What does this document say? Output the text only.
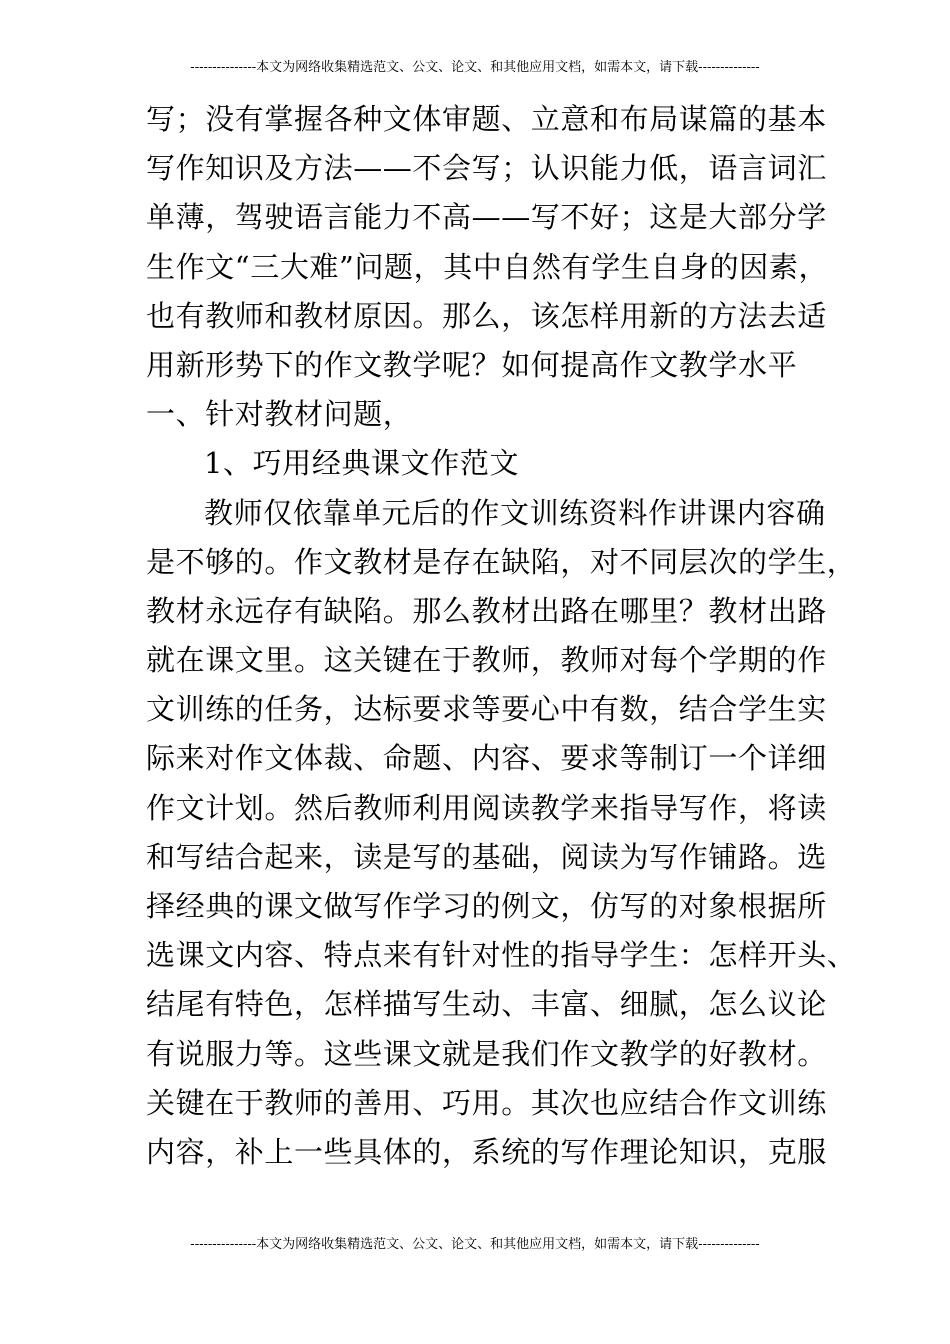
---------------本文为网络收集精选范文、公文、论文、和其他应用文档，如需本文，请下载--------------
写；没有掌握各种文体审题、立意和布局谋篇的基本
写作知识及方法——不会写；认识能力低，语言词汇
单薄，驾驶语言能力不高——写不好；这是大部分学
生作文“三大难”问题，其中自然有学生自身的因素，
也有教师和教材原因。那么，该怎样用新的方法去适
用新形势下的作文教学呢？如何提高作文教学水平
一、针对教材问题，
1、巧用经典课文作范文
教师仅依靠单元后的作文训练资料作讲课内容确
是不够的。作文教材是存在缺陷，对不同层次的学生，
教材永远存有缺陷。那么教材出路在哪里？教材出路
就在课文里。这关键在于教师，教师对每个学期的作
文训练的任务，达标要求等要心中有数，结合学生实
际来对作文体裁、命题、内容、要求等制订一个详细
作文计划。然后教师利用阅读教学来指导写作，将读
和写结合起来，读是写的基础，阅读为写作铺路。选
择经典的课文做写作学习的例文，仿写的对象根据所
选课文内容、特点来有针对性的指导学生：怎样开头、
结尾有特色，怎样描写生动、丰富、细腻，怎么议论
有说服力等。这些课文就是我们作文教学的好教材。
关键在于教师的善用、巧用。其次也应结合作文训练
内容，补上一些具体的，系统的写作理论知识，克服
---------------本文为网络收集精选范文、公文、论文、和其他应用文档，如需本文，请下载--------------
